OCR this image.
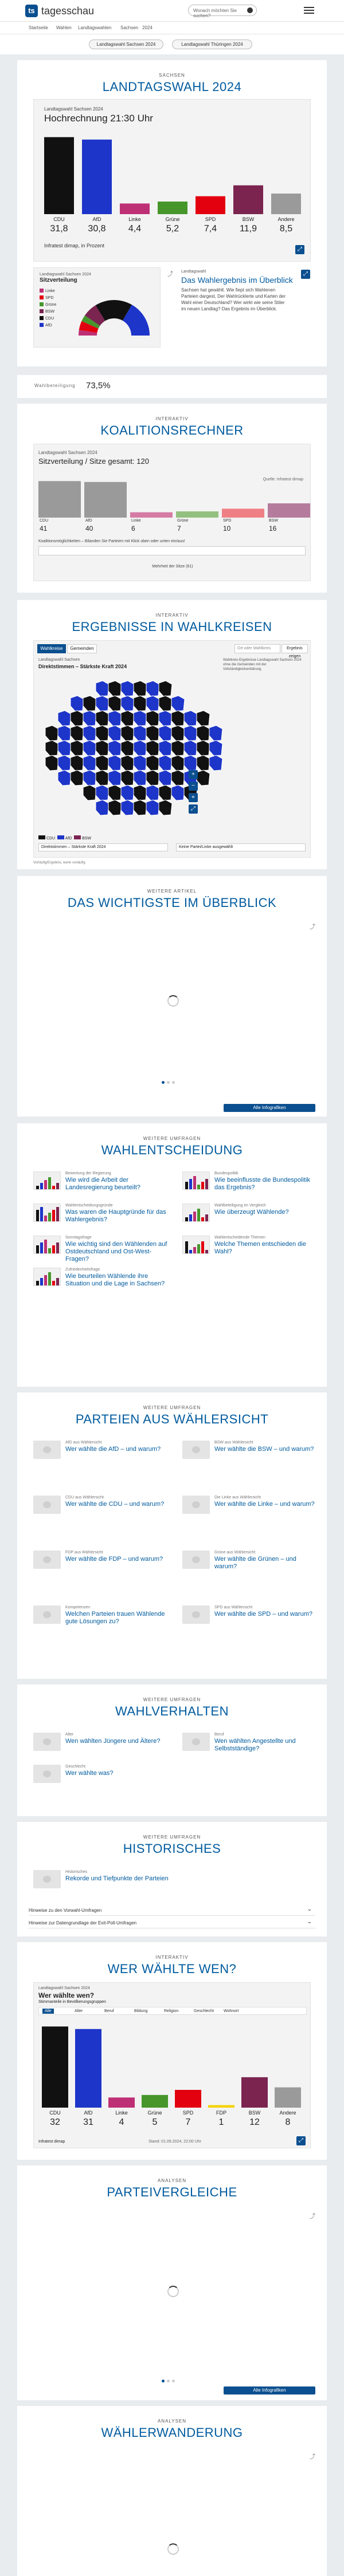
ts tagesschau	Wonach möchten Sie suchen?
Startseite Wahlen Landtagswahlen Sachsen 2024
Landtagswahl Sachsen 2024	Landtagswahl Thüringen 2024
SACHSEN
LANDTAGSWAHL 2024
Landtagswahl Sachsen 2024
Hochrechnung 21:30 Uhr
CDU
31,8
AfD
30,8
Linke
4,4
Grüne
5,2
SPD
7,4
BSW
11,9
Andere
8,5
Infratest dimap, in Prozent
⤢
Landtagswahl Sachsen 2024
Sitzverteilung
Linke
SPD
Grüne
BSW
CDU
AfD
⤴ Landtagswahl
Das Wahlergebnis im Überblick
Sachsen hat gewählt. Wie fiept sich Wahlenen Parteien dargest, Der Wahlrücklerte und Karten der Wahl einer Deutschland? Wer wirkt wie seine Stiler im neuen Landtag? Das Ergebnis im Überblick.
⤢
Wahlbeteiligung 73,5%
INTERAKTIV
KOALITIONSRECHNER
Landtagswahl Sachsen 2024
Sitzverteilung / Sitze gesamt: 120
Quelle: Infratest dimap
Koalitionsmöglichkeiten – Bilanden Sie Parteien mit Klick oben oder unten ein/aus!
Mehrheit der Sitze (61)
CDU
41
AfD
40
Linke
6
Grüne
7
SPD
10
BSW
16
INTERAKTIV
ERGEBNISSE IN WAHLKREISEN
Wahlkreise	Gemeinden	Ort oder Wahlkreis	Ergebnis zeigen
Landtagswahl Sachsen
Direktstimmen – Stärkste Kraft 2024
Wahlkreis-Ergebnisse Landtagswahl Sachsen 2024 ohne die Gemeinden mit der Vollständigkeitserklärung.
+
−
⌖
⤢
CDU AfD	BSW
Direktstimmen – Stärkste Kraft 2024	Keine Partei/Linke ausgewählt
Vorläufig/Ergebnis, wenn vorläufig
WEITERE ARTIKEL
DAS WICHTIGSTE IM ÜBERBLICK
⤴
Alle Infografiken
WEITERE UMFRAGEN
WAHLENTSCHEIDUNG
Bewertung der Regierung
Wie wird die Arbeit der Landesregierung beurteilt?
Bundespolitik
Wie beeinflusste die Bundespolitik das Ergebnis?
Wahlentscheidungsgründe
Was waren die Hauptgründe für das Wahlergebnis?
Wahlbeteiligung im Vergleich
Wie überzeugt Wählende?
Sonntagsfrage
Wie wichtig sind den Wählenden auf Ostdeutschland und Ost-West-Fragen?
Wahlentscheidende Themen
Welche Themen entschieden die Wahl?
Zufriedenheitsfrage
Wie beurteilen Wählende ihre Situation und die Lage in Sachsen?
WEITERE UMFRAGEN
PARTEIEN AUS WÄHLERSICHT
AfD aus Wählersicht
Wer wählte die AfD – und warum?
BSW aus Wählersicht
Wer wählte die BSW – und warum?
CDU aus Wählersicht
Wer wählte die CDU – und warum?
Die Linke aus Wählersicht
Wer wählte die Linke – und warum?
FDP aus Wählersicht
Wer wählte die FDP – und warum?
Grüne aus Wählersicht
Wer wählte die Grünen – und warum?
Kompetenzen
Welchen Parteien trauen Wählende gute Lösungen zu?
SPD aus Wählersicht
Wer wählte die SPD – und warum?
WEITERE UMFRAGEN
WAHLVERHALTEN
Alter
Wen wählten Jüngere und Ältere?
Beruf
Wen wählten Angestellte und Selbstständige?
Geschlecht
Wer wählte was?
WEITERE UMFRAGEN
HISTORISCHES
Historisches
Rekorde und Tiefpunkte der Parteien
Hinweise zu den Vorwahl-Umfragen ⌄
Hinweise zur Datengrundlage der Exit-Poll-Umfragen ⌄
INTERAKTIV
WER WÄHLTE WEN?
Landtagswahl Sachsen 2024
Wer wählte wen?
Stimmanteile in Bevölkerungsgruppen
Alle	Alter	Beruf	Bildung	Religion	Geschlecht	Wohnort
CDU
32
AfD
31
Linke
4
Grüne
5
SPD
7
FDP
1
BSW
12
Andere
8
Infratest dimap	Stand: 01.09.2024, 22:00 Uhr	⤢
ANALYSEN
PARTEIVERGLEICHE
⤴
Alle Infografiken
ANALYSEN
WÄHLERWANDERUNG
⤴
